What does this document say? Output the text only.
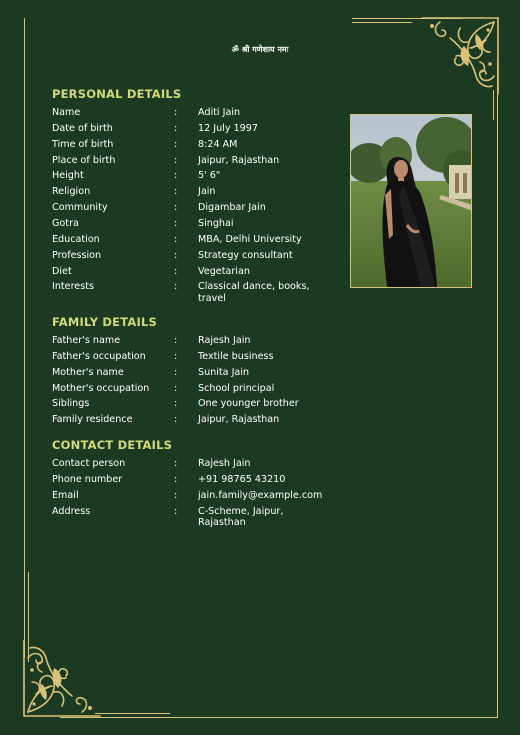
ॐ श्री गणेशाय नमः
PERSONAL DETAILS
Name	: Aditi Jain
Date of birth	: 12 July 1997
Time of birth	: 8:24 AM
Place of birth	: Jaipur, Rajasthan
Height	: 5' 6"
Religion	: Jain
Community	: Digambar Jain
Gotra	: Singhai
Education	: MBA, Delhi University
Profession	: Strategy consultant
Diet	: Vegetarian
Interests	: Classical dance, books, travel
FAMILY DETAILS
Father's name	: Rajesh Jain
Father's occupation	: Textile business
Mother's name	: Sunita Jain
Mother's occupation	: School principal
Siblings	: One younger brother
Family residence	: Jaipur, Rajasthan
CONTACT DETAILS
Contact person	: Rajesh Jain
Phone number	: +91 98765 43210
Email	: jain.family@example.com
Address	: C-Scheme, Jaipur, Rajasthan
